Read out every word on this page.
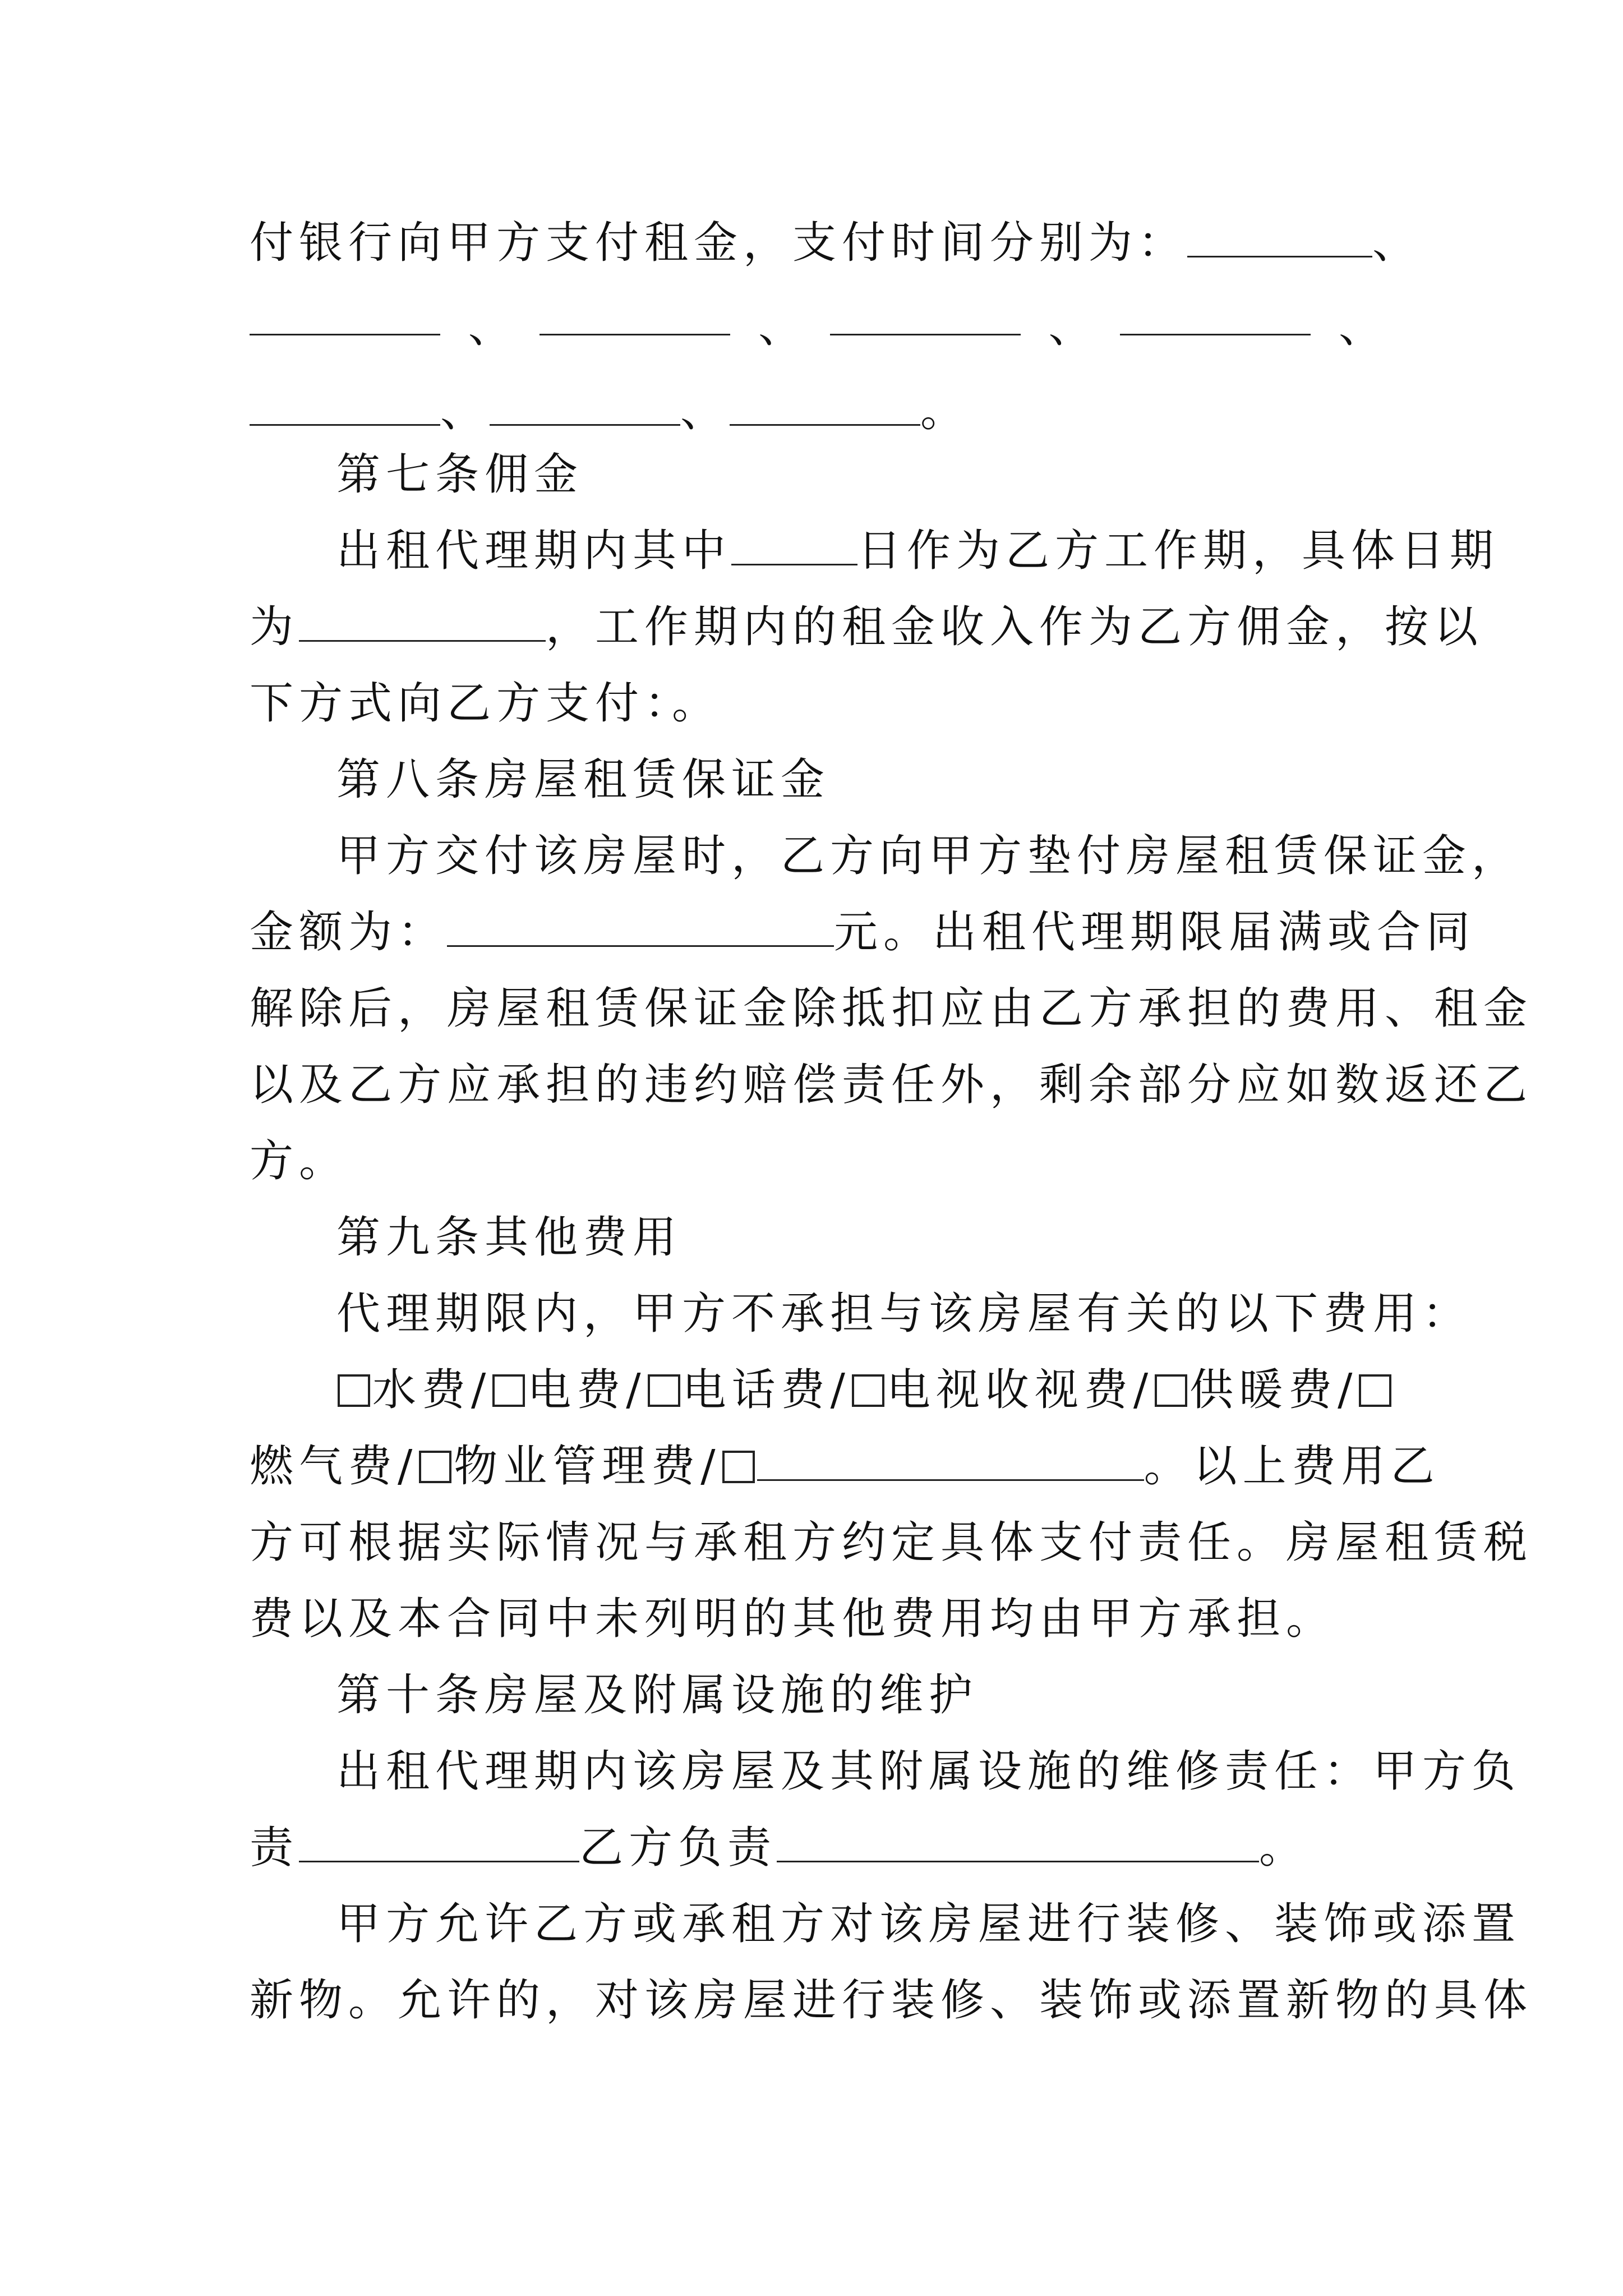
付银行向甲方支付租金，支付时间分别为：	、
、	、	、	、
、	、	。
第七条佣金
出租代理期内其中	日作为乙方工作期，具体日期
为	，工作期内的租金收入作为乙方佣金，按以
下方式向乙方支付：。
第八条房屋租赁保证金
甲方交付该房屋时，乙方向甲方垫付房屋租赁保证金，
金额为：	元。出租代理期限届满或合同
解除后，房屋租赁保证金除抵扣应由乙方承担的费用、租金
以及乙方应承担的违约赔偿责任外，剩余部分应如数返还乙
方。
第九条其他费用
代理期限内，甲方不承担与该房屋有关的以下费用：
水费/ 电费/ 电话费/ 电视收视费/ 供暖费/
燃气费/ 物业管理费/	。以上费用乙
方可根据实际情况与承租方约定具体支付责任。房屋租赁税
费以及本合同中未列明的其他费用均由甲方承担。
第十条房屋及附属设施的维护
出租代理期内该房屋及其附属设施的维修责任：甲方负
责	乙方负责	。
甲方允许乙方或承租方对该房屋进行装修、装饰或添置
新物。允许的，对该房屋进行装修、装饰或添置新物的具体
